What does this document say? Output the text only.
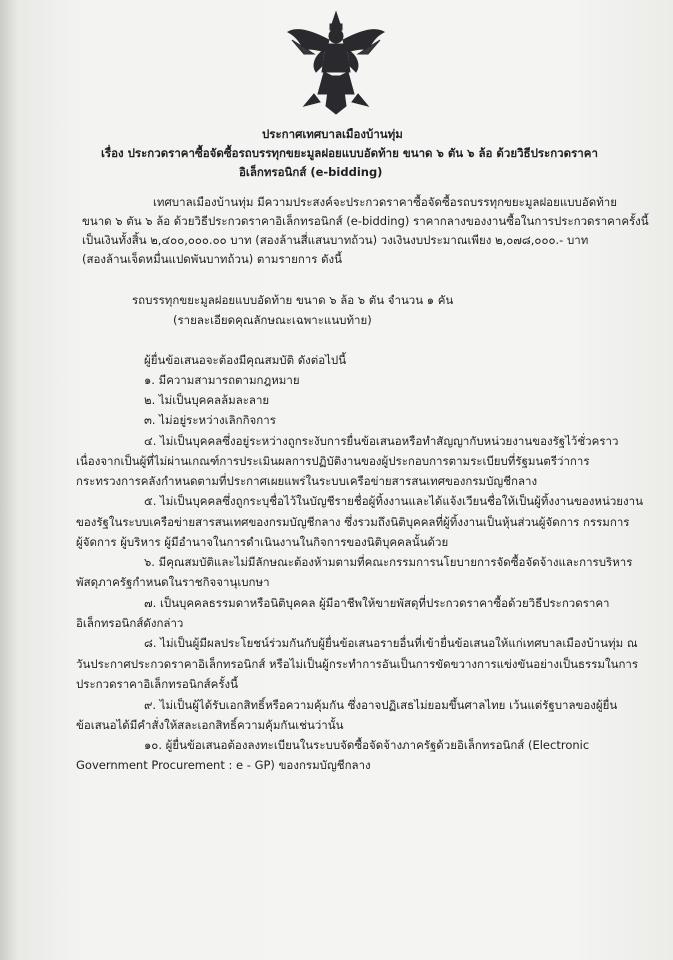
ประกาศเทศบาลเมืองบ้านทุ่ม
เรื่อง ประกวดราคาซื้อจัดซื้อรถบรรทุกขยะมูลฝอยแบบอัดท้าย ขนาด ๖ ตัน ๖ ล้อ ด้วยวิธีประกวดราคา
อิเล็กทรอนิกส์ (e-bidding)
เทศบาลเมืองบ้านทุ่ม มีความประสงค์จะประกวดราคาซื้อจัดซื้อรถบรรทุกขยะมูลฝอยแบบอัดท้าย
ขนาด ๖ ตัน ๖ ล้อ ด้วยวิธีประกวดราคาอิเล็กทรอนิกส์ (e-bidding) ราคากลางของงานซื้อในการประกวดราคาครั้งนี้
เป็นเงินทั้งสิ้น ๒,๔๐๐,๐๐๐.๐๐ บาท (สองล้านสี่แสนบาทถ้วน) วงเงินงบประมาณเพียง ๒,๐๗๘,๐๐๐.- บาท
(สองล้านเจ็ดหมื่นแปดพันบาทถ้วน) ตามรายการ ดังนี้
รถบรรทุกขยะมูลฝอยแบบอัดท้าย ขนาด ๖ ล้อ ๖ ตัน จำนวน ๑ คัน
(รายละเอียดคุณลักษณะเฉพาะแนบท้าย)
ผู้ยื่นข้อเสนอจะต้องมีคุณสมบัติ ดังต่อไปนี้
๑. มีความสามารถตามกฎหมาย
๒. ไม่เป็นบุคคลล้มละลาย
๓. ไม่อยู่ระหว่างเลิกกิจการ
๔. ไม่เป็นบุคคลซึ่งอยู่ระหว่างถูกระงับการยื่นข้อเสนอหรือทำสัญญากับหน่วยงานของรัฐไว้ชั่วคราว
เนื่องจากเป็นผู้ที่ไม่ผ่านเกณฑ์การประเมินผลการปฏิบัติงานของผู้ประกอบการตามระเบียบที่รัฐมนตรีว่าการ
กระทรวงการคลังกำหนดตามที่ประกาศเผยแพร่ในระบบเครือข่ายสารสนเทศของกรมบัญชีกลาง
๕. ไม่เป็นบุคคลซึ่งถูกระบุชื่อไว้ในบัญชีรายชื่อผู้ทิ้งงานและได้แจ้งเวียนชื่อให้เป็นผู้ทิ้งงานของหน่วยงาน
ของรัฐในระบบเครือข่ายสารสนเทศของกรมบัญชีกลาง ซึ่งรวมถึงนิติบุคคลที่ผู้ทิ้งงานเป็นหุ้นส่วนผู้จัดการ กรรมการ
ผู้จัดการ ผู้บริหาร ผู้มีอำนาจในการดำเนินงานในกิจการของนิติบุคคลนั้นด้วย
๖. มีคุณสมบัติและไม่มีลักษณะต้องห้ามตามที่คณะกรรมการนโยบายการจัดซื้อจัดจ้างและการบริหาร
พัสดุภาครัฐกำหนดในราชกิจจานุเบกษา
๗. เป็นบุคคลธรรมดาหรือนิติบุคคล ผู้มีอาชีพให้ขายพัสดุที่ประกวดราคาซื้อด้วยวิธีประกวดราคา
อิเล็กทรอนิกส์ดังกล่าว
๘. ไม่เป็นผู้มีผลประโยชน์ร่วมกันกับผู้ยื่นข้อเสนอรายอื่นที่เข้ายื่นข้อเสนอให้แก่เทศบาลเมืองบ้านทุ่ม ณ
วันประกาศประกวดราคาอิเล็กทรอนิกส์ หรือไม่เป็นผู้กระทำการอันเป็นการขัดขวางการแข่งขันอย่างเป็นธรรมในการ
ประกวดราคาอิเล็กทรอนิกส์ครั้งนี้
๙. ไม่เป็นผู้ได้รับเอกสิทธิ์หรือความคุ้มกัน ซึ่งอาจปฏิเสธไม่ยอมขึ้นศาลไทย เว้นแต่รัฐบาลของผู้ยื่น
ข้อเสนอได้มีคำสั่งให้สละเอกสิทธิ์ความคุ้มกันเช่นว่านั้น
๑๐. ผู้ยื่นข้อเสนอต้องลงทะเบียนในระบบจัดซื้อจัดจ้างภาครัฐด้วยอิเล็กทรอนิกส์ (Electronic
Government Procurement : e - GP) ของกรมบัญชีกลาง
